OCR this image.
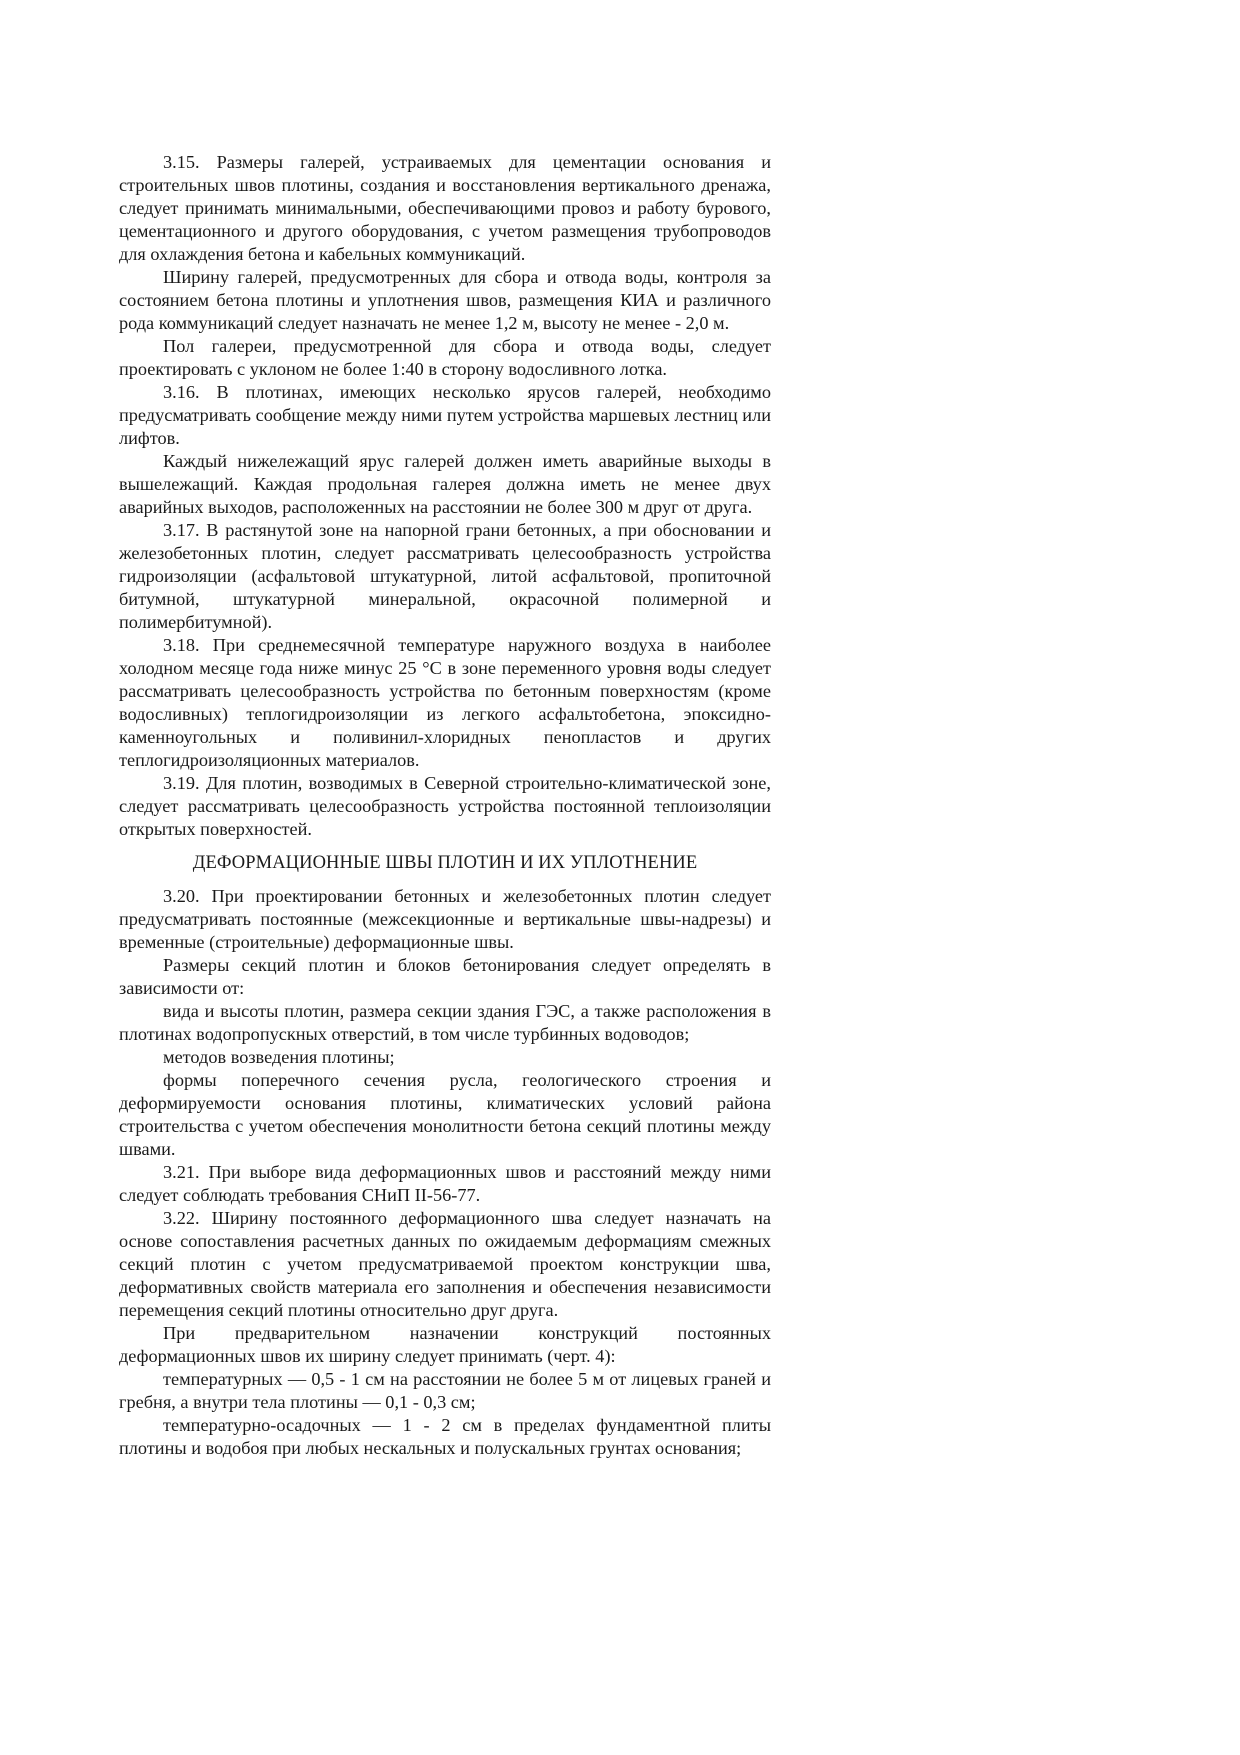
3.15. Размеры галерей, устраиваемых для цементации основания и строительных швов плотины, создания и восстановления вертикального дренажа, следует принимать минимальными, обеспечивающими провоз и работу бурового, цементационного и другого оборудования, с учетом размещения трубопроводов для охлаждения бетона и кабельных коммуникаций.

Ширину галерей, предусмотренных для сбора и отвода воды, контроля за состоянием бетона плотины и уплотнения швов, размещения КИА и различного рода коммуникаций следует назначать не менее 1,2 м, высоту не менее - 2,0 м.

Пол галереи, предусмотренной для сбора и отвода воды, следует проектировать с уклоном не более 1:40 в сторону водосливного лотка.

3.16. В плотинах, имеющих несколько ярусов галерей, необходимо предусматривать сообщение между ними путем устройства маршевых лестниц или лифтов.

Каждый нижележащий ярус галерей должен иметь аварийные выходы в вышележащий. Каждая продольная галерея должна иметь не менее двух аварийных выходов, расположенных на расстоянии не более 300 м друг от друга.

3.17. В растянутой зоне на напорной грани бетонных, а при обосновании и железобетонных плотин, следует рассматривать целесообразность устройства гидроизоляции (асфальтовой штукатурной, литой асфальтовой, пропиточной битумной, штукатурной минеральной, окрасочной полимерной и полимербитумной).

3.18. При среднемесячной температуре наружного воздуха в наиболее холодном месяце года ниже минус 25 °С в зоне переменного уровня воды следует рассматривать целесообразность устройства по бетонным поверхностям (кроме водосливных) теплогидроизоляции из легкого асфальтобетона, эпоксидно-каменноугольных и поливинил-хлоридных пенопластов и других теплогидроизоляционных материалов.

3.19. Для плотин, возводимых в Северной строительно-климатической зоне, следует рассматривать целесообразность устройства постоянной теплоизоляции открытых поверхностей.

ДЕФОРМАЦИОННЫЕ ШВЫ ПЛОТИН И ИХ УПЛОТНЕНИЕ

3.20. При проектировании бетонных и железобетонных плотин следует предусматривать постоянные (межсекционные и вертикальные швы-надрезы) и временные (строительные) деформационные швы.

Размеры секций плотин и блоков бетонирования следует определять в зависимости от:

вида и высоты плотин, размера секции здания ГЭС, а также расположения в плотинах водопропускных отверстий, в том числе турбинных водоводов;

методов возведения плотины;

формы поперечного сечения русла, геологического строения и деформируемости основания плотины, климатических условий района строительства с учетом обеспечения монолитности бетона секций плотины между швами.

3.21. При выборе вида деформационных швов и расстояний между ними следует соблюдать требования СНиП II-56-77.

3.22. Ширину постоянного деформационного шва следует назначать на основе сопоставления расчетных данных по ожидаемым деформациям смежных секций плотин с учетом предусматриваемой проектом конструкции шва, деформативных свойств материала его заполнения и обеспечения независимости перемещения секций плотины относительно друг друга.

При предварительном назначении конструкций постоянных деформационных швов их ширину следует принимать (черт. 4):

температурных — 0,5 - 1 см на расстоянии не более 5 м от лицевых граней и гребня, а внутри тела плотины — 0,1 - 0,3 см;

температурно-осадочных — 1 - 2 см в пределах фундаментной плиты плотины и водобоя при любых нескальных и полускальных грунтах основания;
